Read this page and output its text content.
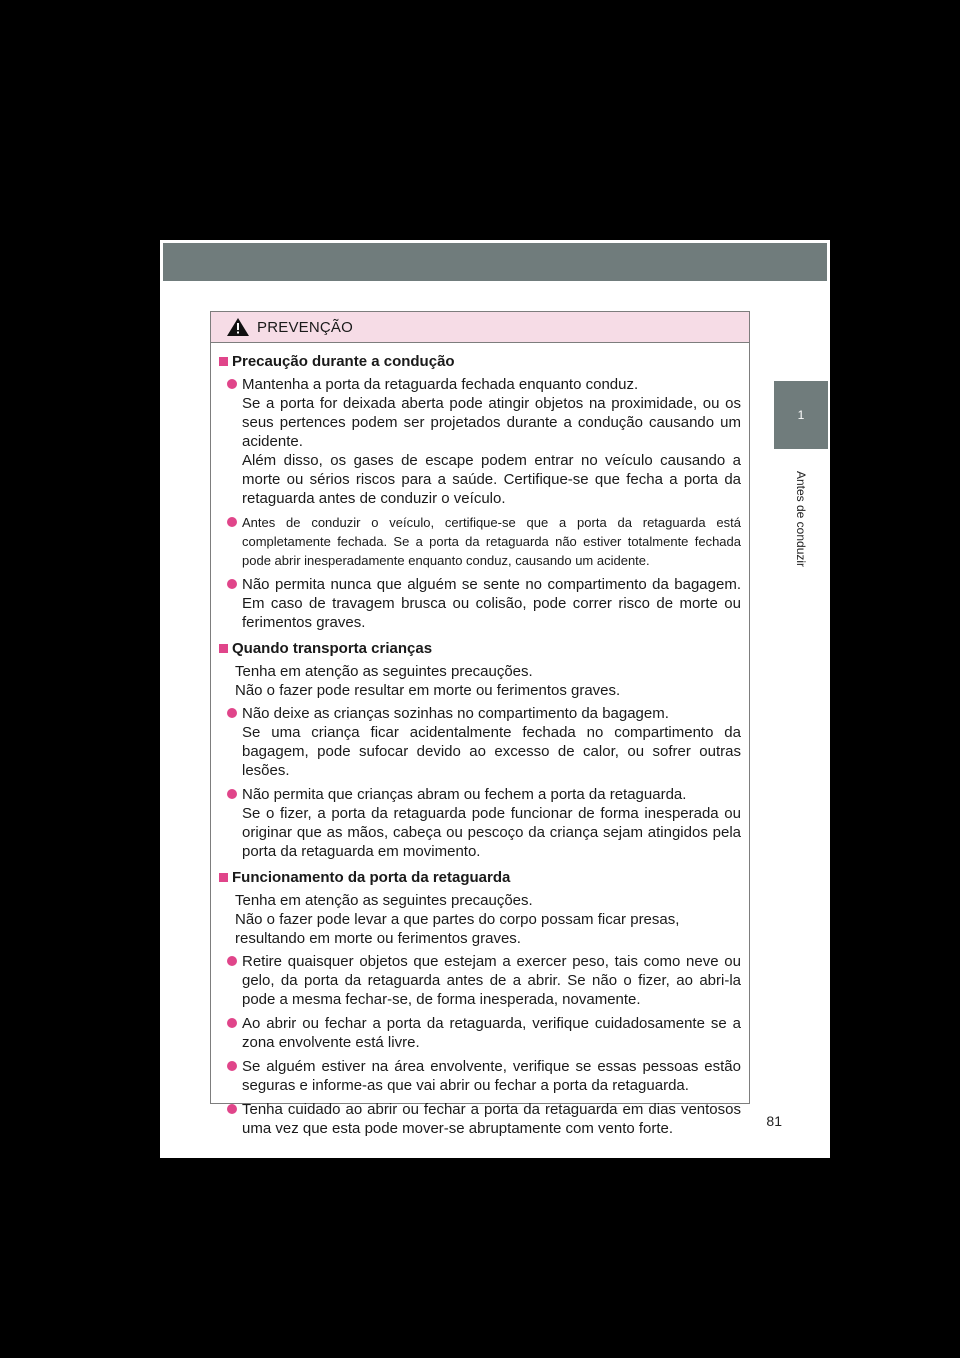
1
Antes de conduzir
PREVENÇÃO
Precaução durante a condução

Mantenha a porta da retaguarda fechada enquanto conduz.

Se a porta for deixada aberta pode atingir objetos na proximidade, ou os seus pertences podem ser projetados durante a condução causando um acidente.

Além disso, os gases de escape podem entrar no veículo causando a morte ou sérios riscos para a saúde. Certifique-se que fecha a porta da retaguarda antes de conduzir o veículo.

Antes de conduzir o veículo, certifique-se que a porta da retaguarda está completamente fechada. Se a porta da retaguarda não estiver totalmente fechada pode abrir inesperadamente enquanto conduz, causando um acidente.

Não permita nunca que alguém se sente no compartimento da bagagem. Em caso de travagem brusca ou colisão, pode correr risco de morte ou ferimentos graves.

Quando transporta crianças
Tenha em atenção as seguintes precauções.
Não o fazer pode resultar em morte ou ferimentos graves.

Não deixe as crianças sozinhas no compartimento da bagagem.

Se uma criança ficar acidentalmente fechada no compartimento da bagagem, pode sufocar devido ao excesso de calor, ou sofrer outras lesões.

Não permita que crianças abram ou fechem a porta da retaguarda.

Se o fizer, a porta da retaguarda pode funcionar de forma inesperada ou originar que as mãos, cabeça ou pescoço da criança sejam atingidos pela porta da retaguarda em movimento.

Funcionamento da porta da retaguarda
Tenha em atenção as seguintes precauções.
Não o fazer pode levar a que partes do corpo possam ficar presas, resultando em morte ou ferimentos graves.

Retire quaisquer objetos que estejam a exercer peso, tais como neve ou gelo, da porta da retaguarda antes de a abrir. Se não o fizer, ao abri-la pode a mesma fechar-se, de forma inesperada, novamente.

Ao abrir ou fechar a porta da retaguarda, verifique cuidadosamente se a zona envolvente está livre.

Se alguém estiver na área envolvente, verifique se essas pessoas estão seguras e informe-as que vai abrir ou fechar a porta da retaguarda.

Tenha cuidado ao abrir ou fechar a porta da retaguarda em dias ventosos uma vez que esta pode mover-se abruptamente com vento forte.	81
